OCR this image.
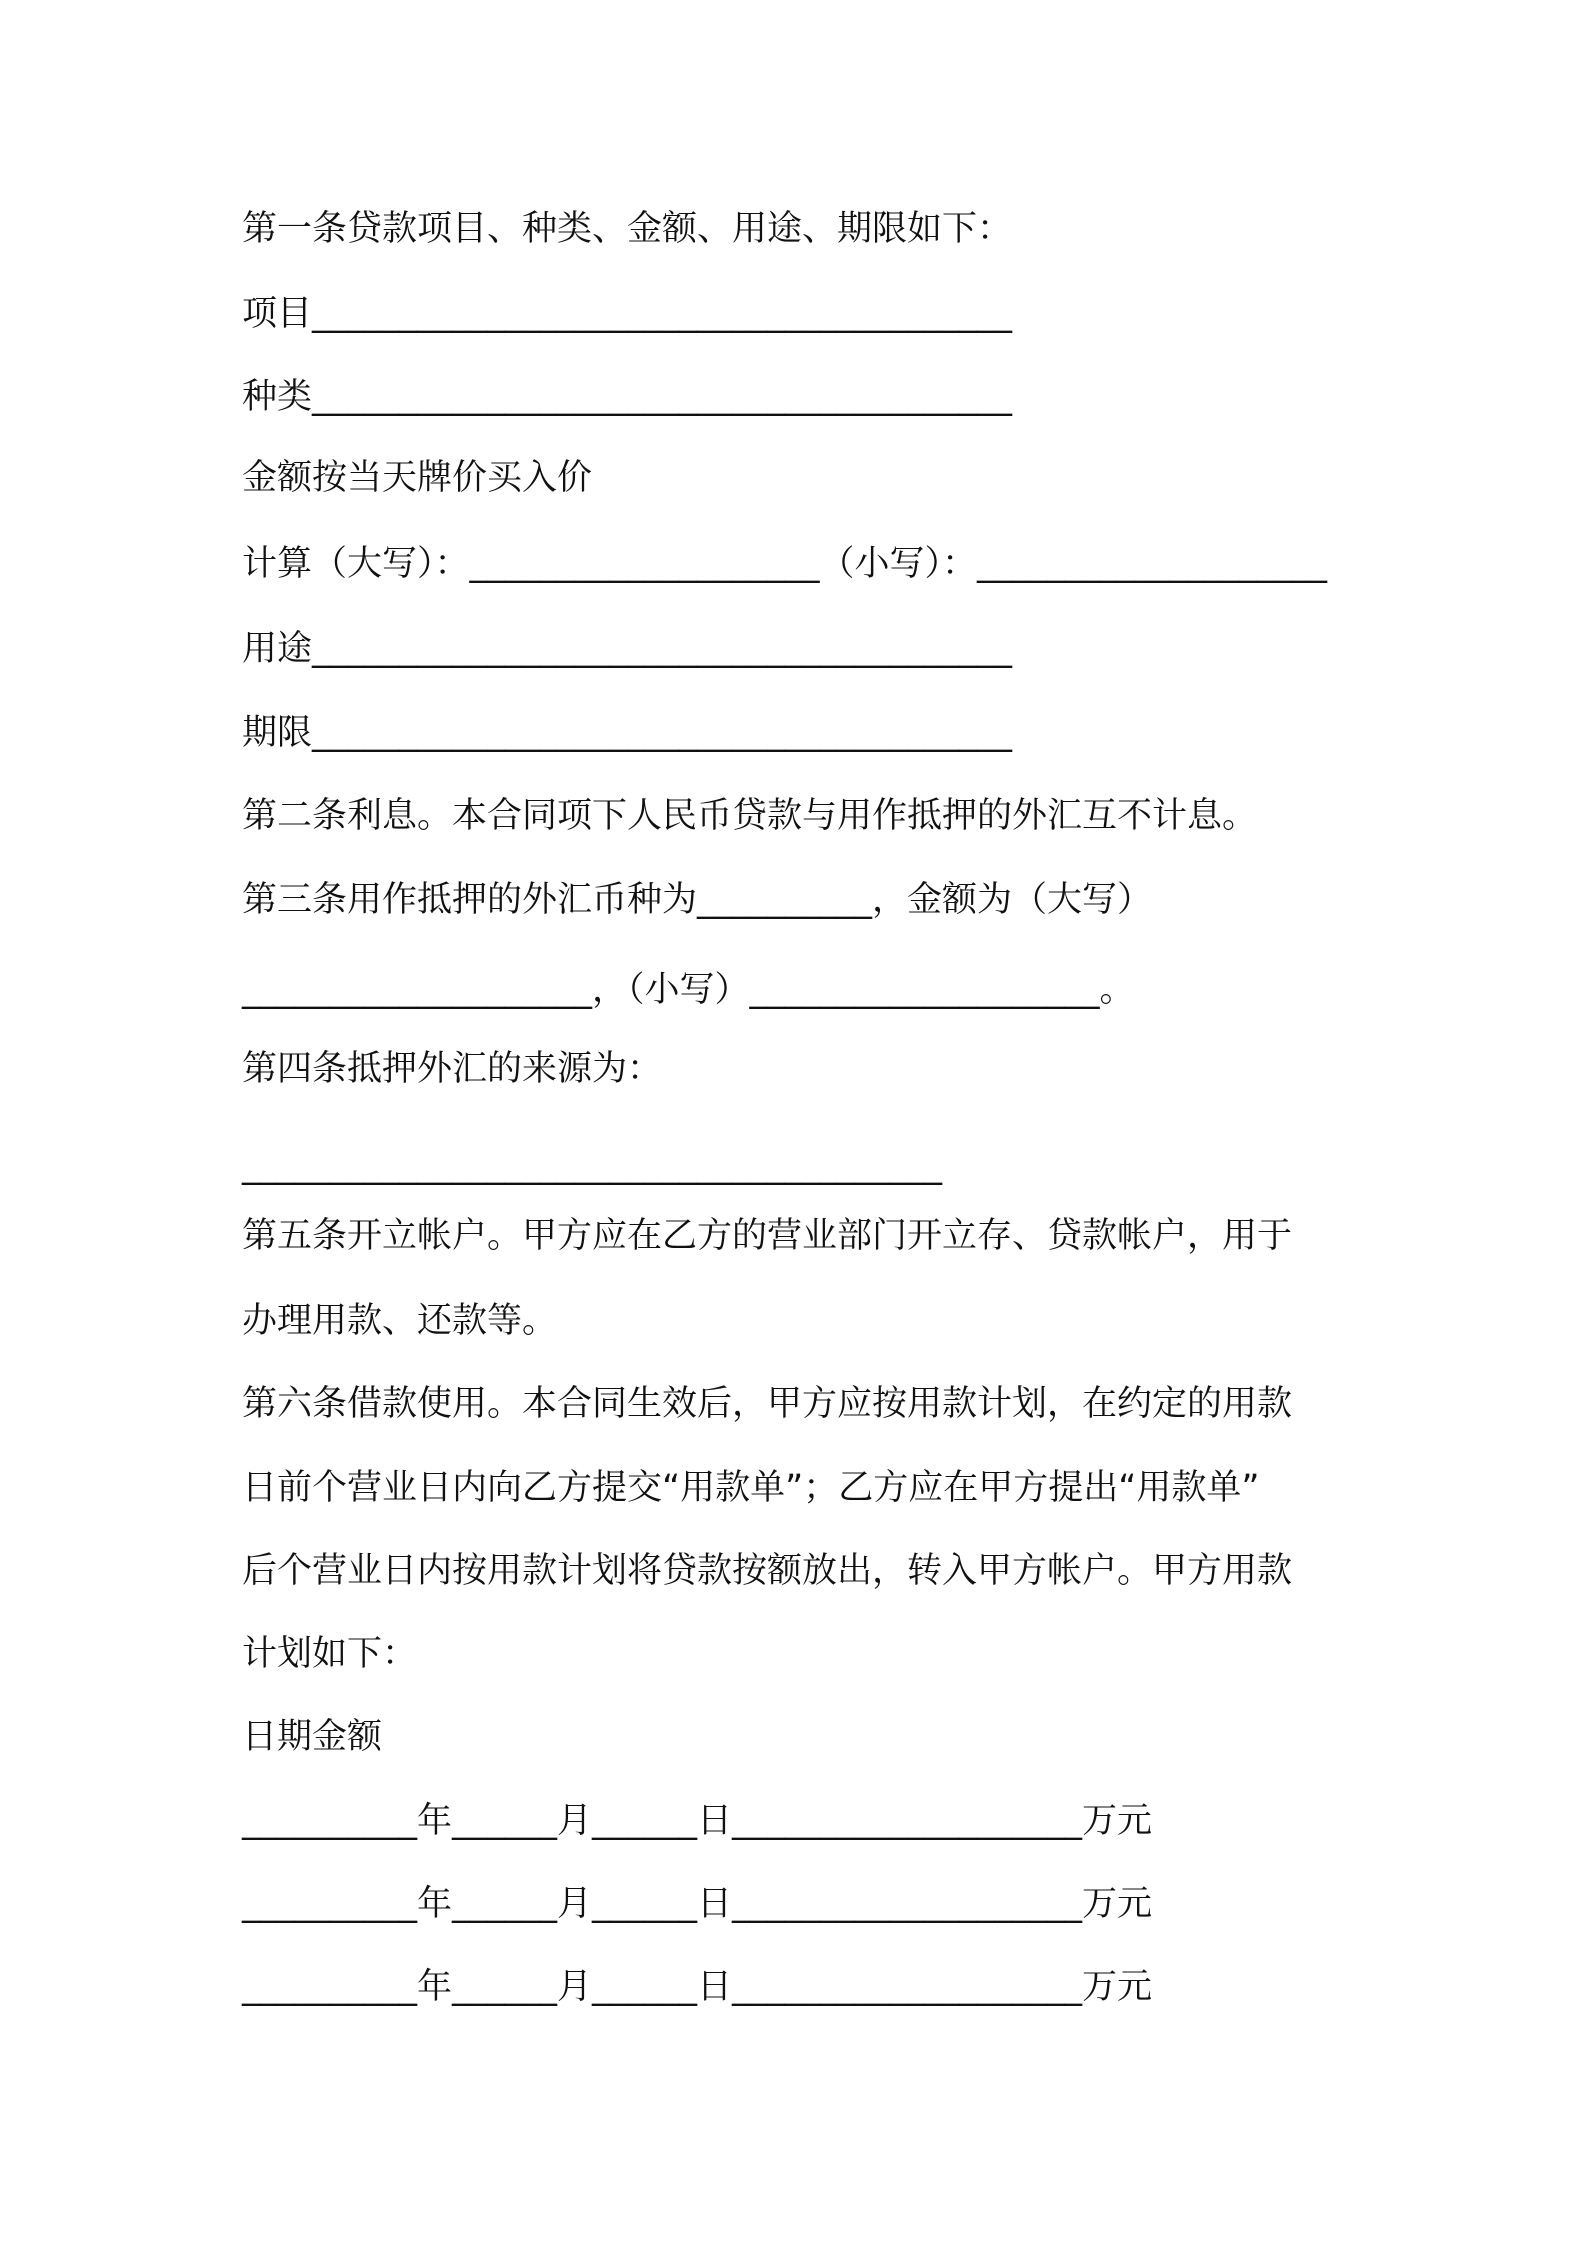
第一条贷款项目、种类、金额、用途、期限如下：
项目________________________________________
种类________________________________________
金额按当天牌价买入价
计算（大写）：____________________（小写）：____________________
用途________________________________________
期限________________________________________
第二条利息。本合同项下人民币贷款与用作抵押的外汇互不计息。
第三条用作抵押的外汇币种为__________，金额为（大写）
____________________，（小写）____________________。
第四条抵押外汇的来源为：
________________________________________
第五条开立帐户。甲方应在乙方的营业部门开立存、贷款帐户，用于
办理用款、还款等。
第六条借款使用。本合同生效后，甲方应按用款计划，在约定的用款
日前个营业日内向乙方提交“用款单”；乙方应在甲方提出“用款单”
后个营业日内按用款计划将贷款按额放出，转入甲方帐户。甲方用款
计划如下：
日期金额
__________年______月______日____________________万元
__________年______月______日____________________万元
__________年______月______日____________________万元
